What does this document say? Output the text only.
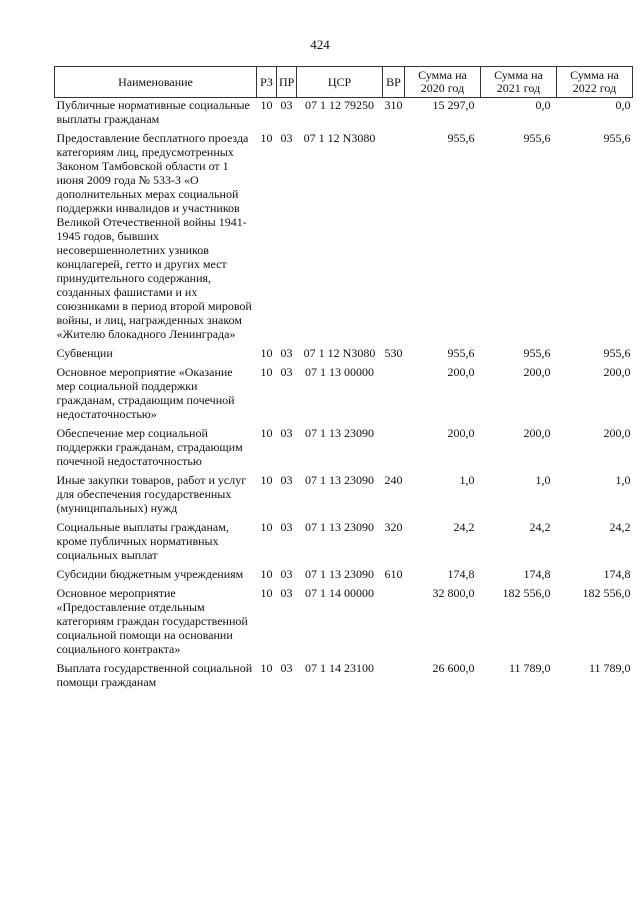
424
Наименование	РЗ	ПР	ЦСР	ВР	Сумма на 2020 год	Сумма на 2021 год	Сумма на 2022 год
Публичные нормативные социальные выплаты гражданам	10	03	07 1 12 79250	310	15 297,0	0,0	0,0
Предоставление бесплатного проезда категориям лиц, предусмотренных Законом Тамбовской области от 1 июня 2009 года № 533-З «О дополнительных мерах социальной поддержки инвалидов и участников Великой Отечественной войны 1941-1945 годов, бывших несовершеннолетних узников концлагерей, гетто и других мест принудительного содержания, созданных фашистами и их союзниками в период второй мировой войны, и лиц, награжденных знаком «Жителю блокадного Ленинграда»	10	03	07 1 12 N3080		955,6	955,6	955,6
Субвенции	10	03	07 1 12 N3080	530	955,6	955,6	955,6
Основное мероприятие «Оказание мер социальной поддержки гражданам, страдающим почечной недостаточностью»	10	03	07 1 13 00000		200,0	200,0	200,0
Обеспечение мер социальной поддержки гражданам, страдающим почечной недостаточностью	10	03	07 1 13 23090		200,0	200,0	200,0
Иные закупки товаров, работ и услуг для обеспечения государственных (муниципальных) нужд	10	03	07 1 13 23090	240	1,0	1,0	1,0
Социальные выплаты гражданам, кроме публичных нормативных социальных выплат	10	03	07 1 13 23090	320	24,2	24,2	24,2
Субсидии бюджетным учреждениям	10	03	07 1 13 23090	610	174,8	174,8	174,8
Основное мероприятие «Предоставление отдельным категориям граждан государственной социальной помощи на основании социального контракта»	10	03	07 1 14 00000		32 800,0	182 556,0	182 556,0
Выплата государственной социальной помощи гражданам	10	03	07 1 14 23100		26 600,0	11 789,0	11 789,0
